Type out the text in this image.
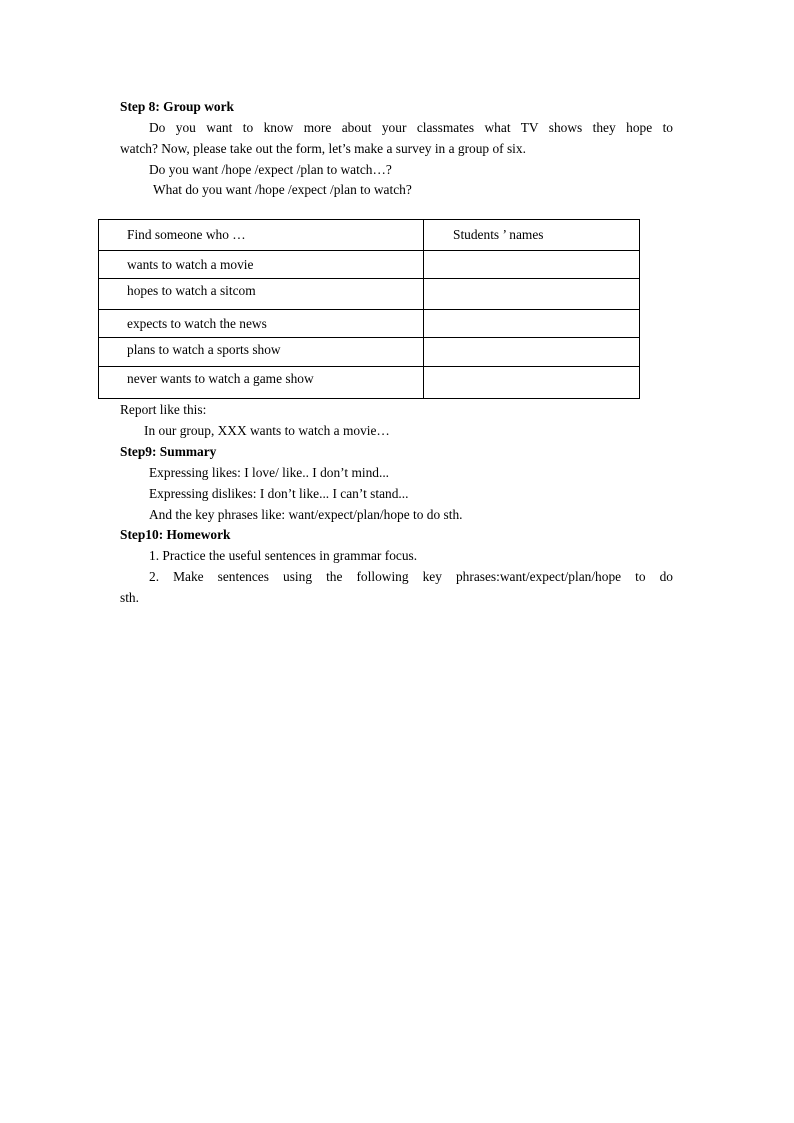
Step 8: Group work
Do you want to know more about your classmates what TV shows they hope to
watch? Now, please take out the form, let’s make a survey in a group of six.
Do you want /hope /expect /plan to watch…?
What do you want /hope /expect /plan to watch?
Find someone who …	Students ’ names
wants to watch a movie	
hopes to watch a sitcom	
expects to watch the news	
plans to watch a sports show	
never wants to watch a game show	
Report like this:
In our group, XXX wants to watch a movie…
Step9: Summary
Expressing likes: I love/ like.. I don’t mind...
Expressing dislikes: I don’t like... I can’t stand...
And the key phrases like: want/expect/plan/hope to do sth.
Step10: Homework
1. Practice the useful sentences in grammar focus.
2. Make sentences using the following key phrases:want/expect/plan/hope to do
sth.
